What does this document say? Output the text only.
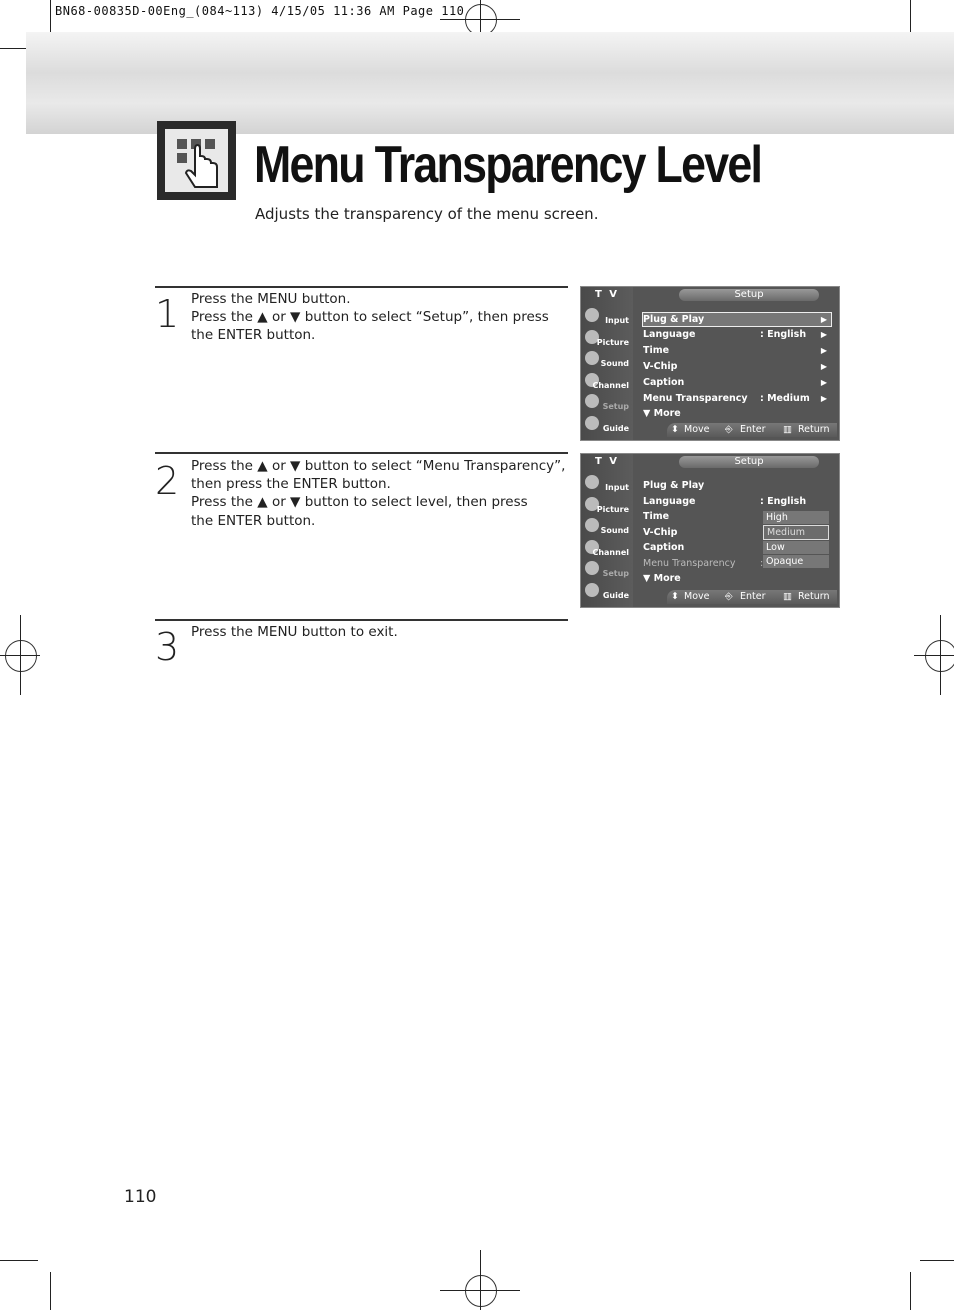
BN68-00835D-00Eng_(084~113) 4/15/05 11:36 AM Page 110
Menu Transparency Level
Adjusts the transparency of the menu screen.
1 Press the MENU button.
Press the ▲ or ▼ button to select “Setup”, then press
the ENTER button.
2 Press the ▲ or ▼ button to select “Menu Transparency”,
then press the ENTER button.
Press the ▲ or ▼ button to select level, then press
the ENTER button.
3 Press the MENU button to exit.
T V	Setup
Input
Picture
Sound
Channel
Setup
Guide
Plug & Play	▶
Language	: English ▶
Time	▶
V-Chip	▶
Caption	▶
Menu Transparency : Medium ▶
▼ More
⬍ Move ⎆ Enter ▥ Return
T V	Setup
Input
Picture
Sound
Channel
Setup
Guide
Plug & Play
Language	: English
Time
V-Chip
Caption
Menu Transparency	:
▼ More
High
Medium
Low
Opaque
⬍ Move ⎆ Enter ▥ Return
110
